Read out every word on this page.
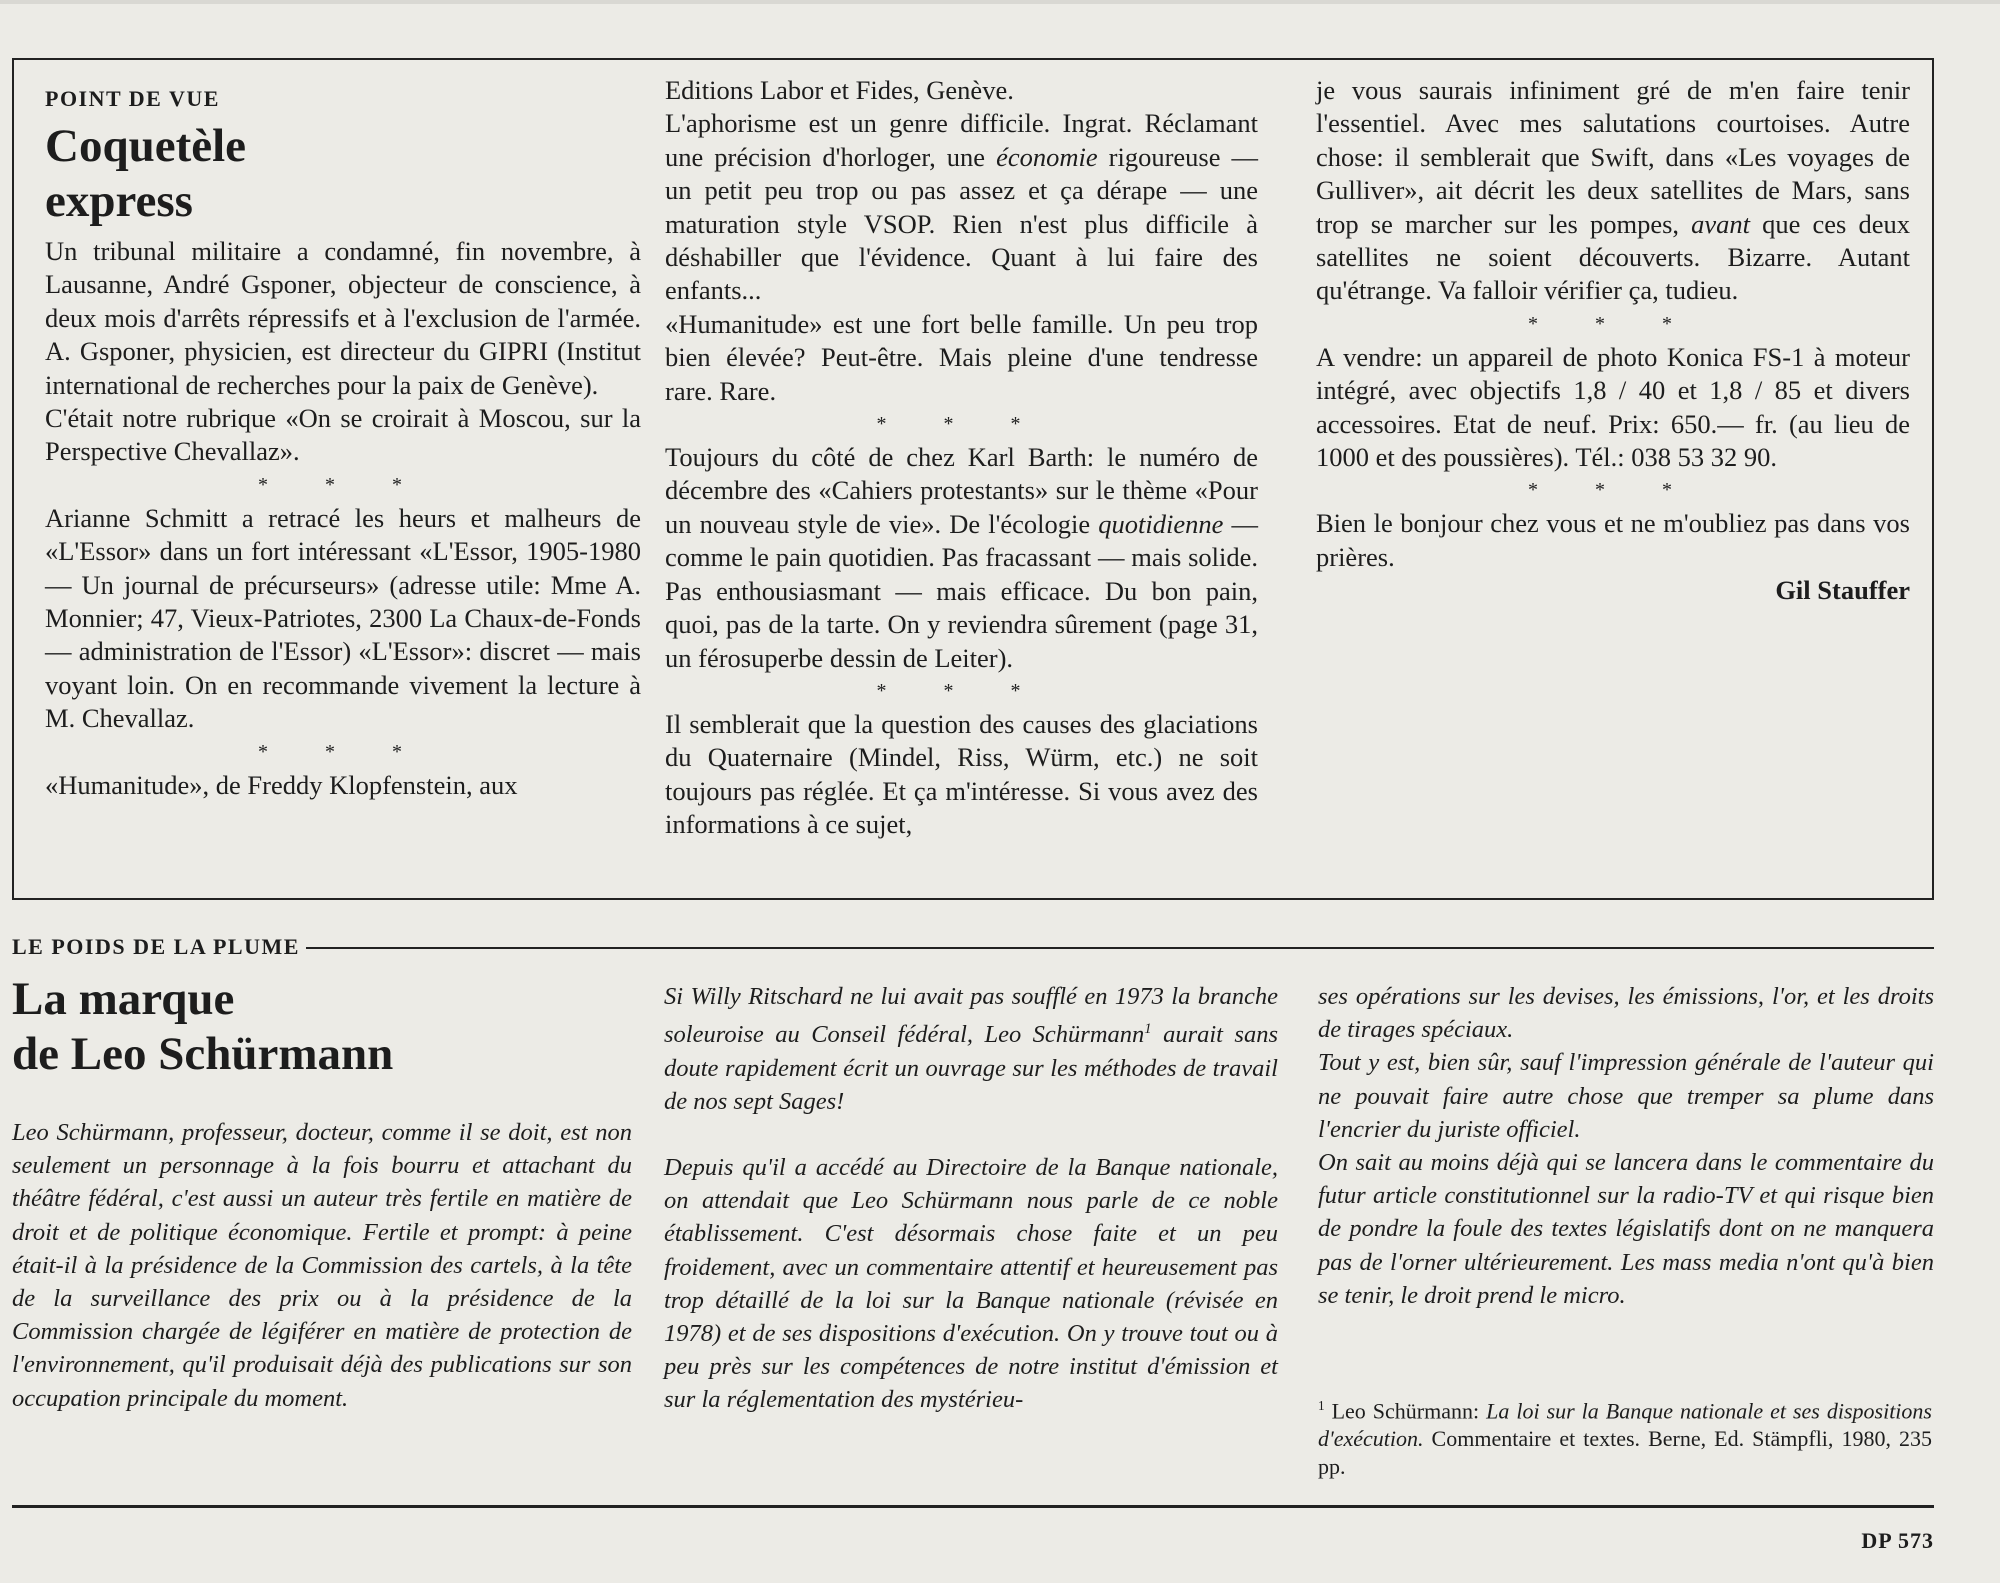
POINT DE VUE

Coquetèle
express

Un tribunal militaire a condamné, fin novembre, à Lausanne, André Gsponer, objecteur de conscience, à deux mois d'arrêts répressifs et à l'exclusion de l'armée. A. Gsponer, physicien, est directeur du GIPRI (Institut international de recherches pour la paix de Genève).

C'était notre rubrique «On se croirait à Moscou, sur la Perspective Chevallaz».

* * *

Arianne Schmitt a retracé les heurs et malheurs de «L'Essor» dans un fort intéressant «L'Essor, 1905-1980 — Un journal de précurseurs» (adresse utile: Mme A. Monnier; 47, Vieux-Patriotes, 2300 La Chaux-de-Fonds — administration de l'Essor) «L'Essor»: discret — mais voyant loin. On en recommande vivement la lecture à M. Chevallaz.

* * *

«Humanitude», de Freddy Klopfenstein, aux

Editions Labor et Fides, Genève.

L'aphorisme est un genre difficile. Ingrat. Réclamant une précision d'horloger, une économie rigoureuse — un petit peu trop ou pas assez et ça dérape — une maturation style VSOP. Rien n'est plus difficile à déshabiller que l'évidence. Quant à lui faire des enfants...

«Humanitude» est une fort belle famille. Un peu trop bien élevée? Peut-être. Mais pleine d'une tendresse rare. Rare.

* * *

Toujours du côté de chez Karl Barth: le numéro de décembre des «Cahiers protestants» sur le thème «Pour un nouveau style de vie». De l'écologie quotidienne — comme le pain quotidien. Pas fracassant — mais solide. Pas enthousiasmant — mais efficace. Du bon pain, quoi, pas de la tarte. On y reviendra sûrement (page 31, un férosuperbe dessin de Leiter).

* * *

Il semblerait que la question des causes des glaciations du Quaternaire (Mindel, Riss, Würm, etc.) ne soit toujours pas réglée. Et ça m'intéresse. Si vous avez des informations à ce sujet,

je vous saurais infiniment gré de m'en faire tenir l'essentiel. Avec mes salutations courtoises. Autre chose: il semblerait que Swift, dans «Les voyages de Gulliver», ait décrit les deux satellites de Mars, sans trop se marcher sur les pompes, avant que ces deux satellites ne soient découverts. Bizarre. Autant qu'étrange. Va falloir vérifier ça, tudieu.

* * *

A vendre: un appareil de photo Konica FS-1 à moteur intégré, avec objectifs 1,8 / 40 et 1,8 / 85 et divers accessoires. Etat de neuf. Prix: 650.— fr. (au lieu de 1000 et des poussières). Tél.: 038 53 32 90.

* * *

Bien le bonjour chez vous et ne m'oubliez pas dans vos prières.

Gil Stauffer

LE POIDS DE LA PLUME
La marque
de Leo Schürmann

Leo Schürmann, professeur, docteur, comme il se doit, est non seulement un personnage à la fois bourru et attachant du théâtre fédéral, c'est aussi un auteur très fertile en matière de droit et de politique économique. Fertile et prompt: à peine était-il à la présidence de la Commission des cartels, à la tête de la surveillance des prix ou à la présidence de la Commission chargée de légiférer en matière de protection de l'environnement, qu'il produisait déjà des publications sur son occupation principale du moment.

Si Willy Ritschard ne lui avait pas soufflé en 1973 la branche soleuroise au Conseil fédéral, Leo Schürmann$^1$ aurait sans doute rapidement écrit un ouvrage sur les méthodes de travail de nos sept Sages!

Depuis qu'il a accédé au Directoire de la Banque nationale, on attendait que Leo Schürmann nous parle de ce noble établissement. C'est désormais chose faite et un peu froidement, avec un commentaire attentif et heureusement pas trop détaillé de la loi sur la Banque nationale (révisée en 1978) et de ses dispositions d'exécution. On y trouve tout ou à peu près sur les compétences de notre institut d'émission et sur la réglementation des mystérieu-

ses opérations sur les devises, les émissions, l'or, et les droits de tirages spéciaux.

Tout y est, bien sûr, sauf l'impression générale de l'auteur qui ne pouvait faire autre chose que tremper sa plume dans l'encrier du juriste officiel.

On sait au moins déjà qui se lancera dans le commentaire du futur article constitutionnel sur la radio-TV et qui risque bien de pondre la foule des textes législatifs dont on ne manquera pas de l'orner ultérieurement. Les mass media n'ont qu'à bien se tenir, le droit prend le micro.

$^1$ Leo Schürmann: La loi sur la Banque nationale et ses dispositions d'exécution. Commentaire et textes. Berne, Ed. Stämpfli, 1980, 235 pp.
DP 573
